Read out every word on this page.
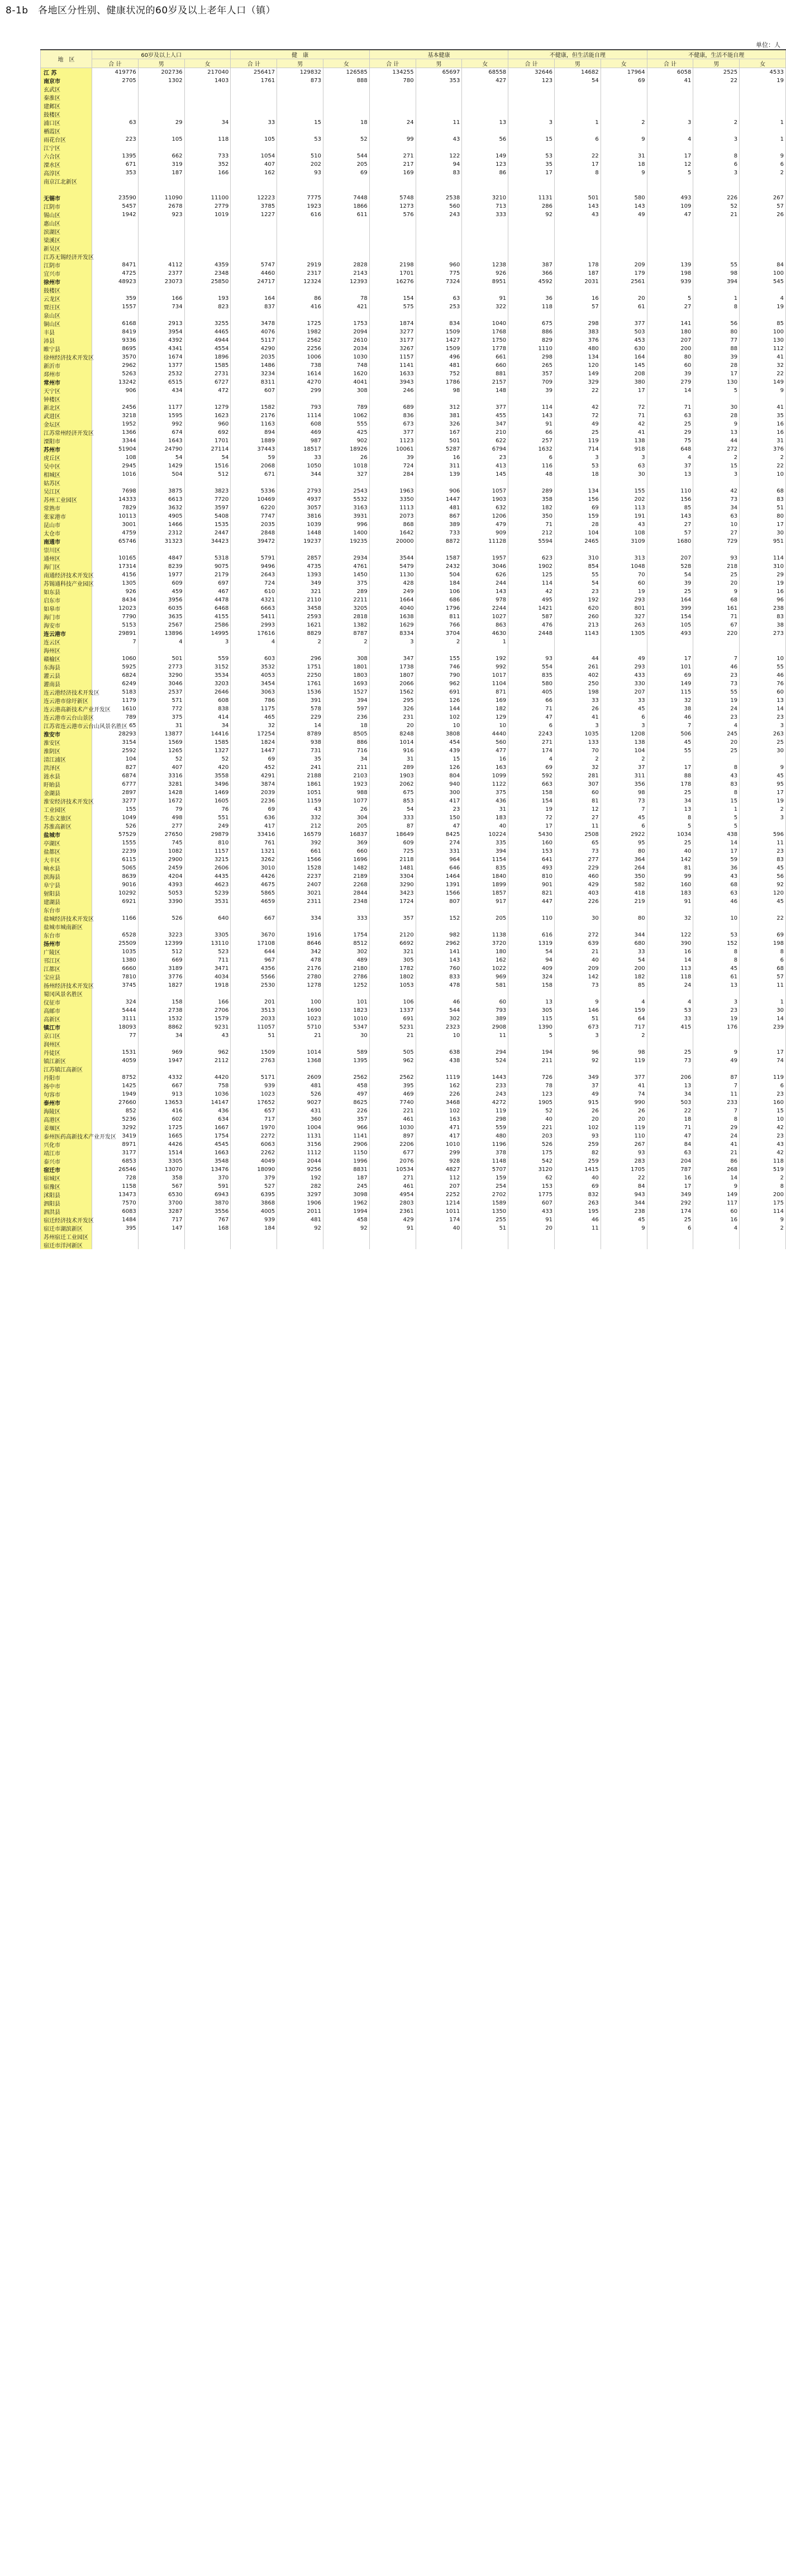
8-1b　各地区分性别、健康状况的60岁及以上老年人口（镇）
单位：人
地　区	60岁及以上人口			健　康			基本健康			不健康，但生活能自理			不健康，生活不能自理		
	合 计	男	女	合 计	男	女	合 计	男	女	合 计	男	女	合 计	男	女
江 苏	419776	202736	217040	256417	129832	126585	134255	65697	68558	32646	14682	17964	6058	2525	4533
南京市	2705	1302	1403	1761	873	888	780	353	427	123	54	69	41	22	19
玄武区															
秦淮区															
建邺区															
鼓楼区															
浦口区	63	29	34	33	15	18	24	11	13	3	1	2	3	2	1
栖霞区															
雨花台区	223	105	118	105	53	52	99	43	56	15	6	9	4	3	1
江宁区															
六合区	1395	662	733	1054	510	544	271	122	149	53	22	31	17	8	9
溧水区	671	319	352	407	202	205	217	94	123	35	17	18	12	6	6
高淳区	353	187	166	162	93	69	169	83	86	17	8	9	5	3	2
南京江北新区															

无锡市	23590	11090	11100	12223	7775	7448	5748	2538	3210	1131	501	580	493	226	267
江阴市	5457	2678	2779	3785	1923	1866	1273	560	713	286	143	143	109	52	57
锡山区	1942	923	1019	1227	616	611	576	243	333	92	43	49	47	21	26
惠山区															
滨湖区															
梁溪区															
新吴区															
江苏无锡经济开发区															
江阴市	8471	4112	4359	5747	2919	2828	2198	960	1238	387	178	209	139	55	84
宜兴市	4725	2377	2348	4460	2317	2143	1701	775	926	366	187	179	198	98	100
徐州市	48923	23073	25850	24717	12324	12393	16276	7324	8951	4592	2031	2561	939	394	545
鼓楼区															
云龙区	359	166	193	164	86	78	154	63	91	36	16	20	5	1	4
贾汪区	1557	734	823	837	416	421	575	253	322	118	57	61	27	8	19
泉山区															
铜山区	6168	2913	3255	3478	1725	1753	1874	834	1040	675	298	377	141	56	85
丰县	8419	3954	4465	4076	1982	2094	3277	1509	1768	886	383	503	180	80	100
沛县	9336	4392	4944	5117	2562	2610	3177	1427	1750	829	376	453	207	77	130
睢宁县	8695	4341	4554	4290	2256	2034	3267	1509	1778	1110	480	630	200	88	112
徐州经济技术开发区	3570	1674	1896	2035	1006	1030	1157	496	661	298	134	164	80	39	41
新沂市	2962	1377	1585	1486	738	748	1141	481	660	265	120	145	60	28	32
邳州市	5263	2532	2731	3234	1614	1620	1633	752	881	357	149	208	39	17	22
常州市	13242	6515	6727	8311	4270	4041	3943	1786	2157	709	329	380	279	130	149
天宁区	906	434	472	607	299	308	246	98	148	39	22	17	14	5	9
钟楼区															
新北区	2456	1177	1279	1582	793	789	689	312	377	114	42	72	71	30	41
武进区	3218	1595	1623	2176	1114	1062	836	381	455	143	72	71	63	28	35
金坛区	1952	992	960	1163	608	555	673	326	347	91	49	42	25	9	16
江苏常州经济开发区	1366	674	692	894	469	425	377	167	210	66	25	41	29	13	16
溧阳市	3344	1643	1701	1889	987	902	1123	501	622	257	119	138	75	44	31
苏州市	51904	24790	27114	37443	18517	18926	10061	5287	6794	1632	714	918	648	272	376
虎丘区	108	54	54	59	33	26	39	16	23	6	3	3	4	2	2
吴中区	2945	1429	1516	2068	1050	1018	724	311	413	116	53	63	37	15	22
相城区	1016	504	512	671	344	327	284	139	145	48	18	30	13	3	10
姑苏区															
吴江区	7698	3875	3823	5336	2793	2543	1963	906	1057	289	134	155	110	42	68
苏州工业园区	14333	6613	7720	10469	4937	5532	3350	1447	1903	358	156	202	156	73	83
常熟市	7829	3632	3597	6220	3057	3163	1113	481	632	182	69	113	85	34	51
张家港市	10113	4905	5408	7747	3816	3931	2073	867	1206	350	159	191	143	63	80
昆山市	3001	1466	1535	2035	1039	996	868	389	479	71	28	43	27	10	17
太仓市	4759	2312	2447	2848	1448	1400	1642	733	909	212	104	108	57	27	30
南通市	65746	31323	34423	39472	19237	19235	20000	8872	11128	5594	2465	3109	1680	729	951
崇川区															
通州区	10165	4847	5318	5791	2857	2934	3544	1587	1957	623	310	313	207	93	114
海门区	17314	8239	9075	9496	4735	4761	5479	2432	3046	1902	854	1048	528	218	310
南通经济技术开发区	4156	1977	2179	2643	1393	1450	1130	504	626	125	55	70	54	25	29
苏锡通科技产业园区	1305	609	697	724	349	375	428	184	244	114	54	60	39	20	19
如东县	926	459	467	610	321	289	249	106	143	42	23	19	25	9	16
启东市	8434	3956	4478	4321	2110	2211	1664	686	978	495	192	293	164	68	96
如皋市	12023	6035	6468	6663	3458	3205	4040	1796	2244	1421	620	801	399	161	238
海门市	7790	3635	4155	5411	2593	2818	1638	811	1027	587	260	327	154	71	83
海安市	5153	2567	2586	2993	1621	1382	1629	766	863	476	213	263	105	67	38
连云港市	29891	13896	14995	17616	8829	8787	8334	3704	4630	2448	1143	1305	493	220	273
连云区	7	4	3	4	2	2	3	2	1						
海州区															
赣榆区	1060	501	559	603	296	308	347	155	192	93	44	49	17	7	10
东海县	5925	2773	3152	3532	1751	1801	1738	746	992	554	261	293	101	46	55
灌云县	6824	3290	3534	4053	2250	1803	1807	790	1017	835	402	433	69	23	46
灌南县	6249	3046	3203	3454	1761	1693	2066	962	1104	580	250	330	149	73	76
连云港经济技术开发区	5183	2537	2646	3063	1536	1527	1562	691	871	405	198	207	115	55	60
连云港市徐圩新区	1179	571	608	786	391	394	295	126	169	66	33	33	32	19	13
连云港高新技术产业开发区	1610	772	838	1175	578	597	326	144	182	71	26	45	38	24	14
连云港市云台山景区	789	375	414	465	229	236	231	102	129	47	41	6	46	23	23
江苏省连云港市云台山风景名胜区	65	31	34	32	14	18	20	10	10	6	3	3	7	4	3
淮安市	28293	13877	14416	17254	8789	8505	8248	3808	4440	2243	1035	1208	506	245	263
淮安区	3154	1569	1585	1824	938	886	1014	454	560	271	133	138	45	20	25
淮阴区	2592	1265	1327	1447	731	716	916	439	477	174	70	104	55	25	30
清江浦区	104	52	52	69	35	34	31	15	16	4	2	2			
洪泽区	827	407	420	452	241	211	289	126	163	69	32	37	17	8	9
涟水县	6874	3316	3558	4291	2188	2103	1903	804	1099	592	281	311	88	43	45
盱眙县	6777	3281	3496	3874	1861	1923	2062	940	1122	663	307	356	178	83	95
金湖县	2897	1428	1469	2039	1051	988	675	300	375	158	60	98	25	8	17
淮安经济技术开发区	3277	1672	1605	2236	1159	1077	853	417	436	154	81	73	34	15	19
工业园区	155	79	76	69	43	26	54	23	31	19	12	7	13	1	2
生态文旅区	1049	498	551	636	332	304	333	150	183	72	27	45	8	5	3
苏淮高新区	526	277	249	417	212	205	87	47	40	17	11	6	5	5	
盐城市	57529	27650	29879	33416	16579	16837	18649	8425	10224	5430	2508	2922	1034	438	596
亭湖区	1555	745	810	761	392	369	609	274	335	160	65	95	25	14	11
盐都区	2239	1082	1157	1321	661	660	725	331	394	153	73	80	40	17	23
大丰区	6115	2900	3215	3262	1566	1696	2118	964	1154	641	277	364	142	59	83
响水县	5065	2459	2606	3010	1528	1482	1481	646	835	493	229	264	81	36	45
滨海县	8639	4204	4435	4426	2237	2189	3304	1464	1840	810	460	350	99	43	56
阜宁县	9016	4393	4623	4675	2407	2268	3290	1391	1899	901	429	582	160	68	92
射阳县	10292	5053	5239	5865	3021	2844	3423	1566	1857	821	403	418	183	63	120
建湖县	6921	3390	3531	4659	2311	2348	1724	807	917	447	226	219	91	46	45
东台市															
盐城经济技术开发区	1166	526	640	667	334	333	357	152	205	110	30	80	32	10	22
盐城市城南新区															
东台市	6528	3223	3305	3670	1916	1754	2120	982	1138	616	272	344	122	53	69
扬州市	25509	12399	13110	17108	8646	8512	6692	2962	3720	1319	639	680	390	152	198
广陵区	1035	512	523	644	342	302	321	141	180	54	21	33	16	8	8
邗江区	1380	669	711	967	478	489	305	143	162	94	40	54	14	8	6
江都区	6660	3189	3471	4356	2176	2180	1782	760	1022	409	209	200	113	45	68
宝应县	7810	3776	4034	5566	2780	2786	1802	833	969	324	142	182	118	61	57
扬州经济技术开发区	3745	1827	1918	2530	1278	1252	1053	478	581	158	73	85	24	13	11
蜀冈风景名胜区															
仪征市	324	158	166	201	100	101	106	46	60	13	9	4	4	3	1
高邮市	5444	2738	2706	3513	1690	1823	1337	544	793	305	146	159	53	23	30
高新区	3111	1532	1579	2033	1023	1010	691	302	389	115	51	64	33	19	14
镇江市	18093	8862	9231	11057	5710	5347	5231	2323	2908	1390	673	717	415	176	239
京口区	77	34	43	51	21	30	21	10	11	5	3	2			
润州区															
丹徒区	1531	969	962	1509	1014	589	505	638	294	194	96	98	25	9	17
镇江新区	4059	1947	2112	2763	1368	1395	962	438	524	211	92	119	73	49	74
江苏镇江高新区															
丹阳市	8752	4332	4420	5171	2609	2562	2562	1119	1443	726	349	377	206	87	119
扬中市	1425	667	758	939	481	458	395	162	233	78	37	41	13	7	6
句容市	1949	913	1036	1023	526	497	469	226	243	123	49	74	34	11	23
泰州市	27660	13653	14147	17652	9027	8625	7740	3468	4272	1905	915	990	503	233	160
海陵区	852	416	436	657	431	226	221	102	119	52	26	26	22	7	15
高港区	5236	602	634	717	360	357	461	163	298	40	20	20	18	8	10
姜堰区	3292	1725	1667	1970	1004	966	1030	471	559	221	102	119	71	29	42
泰州医药高新技术产业开发区	3419	1665	1754	2272	1131	1141	897	417	480	203	93	110	47	24	23
兴化市	8971	4426	4545	6063	3156	2906	2206	1010	1196	526	259	267	84	41	43
靖江市	3177	1514	1663	2262	1112	1150	677	299	378	175	82	93	63	21	42
泰兴市	6853	3305	3548	4049	2044	1996	2076	928	1148	542	259	283	204	86	118
宿迁市	26546	13070	13476	18090	9256	8831	10534	4827	5707	3120	1415	1705	787	268	519
宿城区	728	358	370	379	192	187	271	112	159	62	40	22	16	14	2
宿豫区	1158	567	591	527	282	245	461	207	254	153	69	84	17	9	8
沭阳县	13473	6530	6943	6395	3297	3098	4954	2252	2702	1775	832	943	349	149	200
泗阳县	7570	3700	3870	3868	1906	1962	2803	1214	1589	607	263	344	292	117	175
泗洪县	6083	3287	3556	4005	2011	1994	2361	1011	1350	433	195	238	174	60	114
宿迁经济技术开发区	1484	717	767	939	481	458	429	174	255	91	46	45	25	16	9
宿迁市湖滨新区	395	147	168	184	92	92	91	40	51	20	11	9	6	4	2
苏州宿迁工业园区															
宿迁市洋河新区															
